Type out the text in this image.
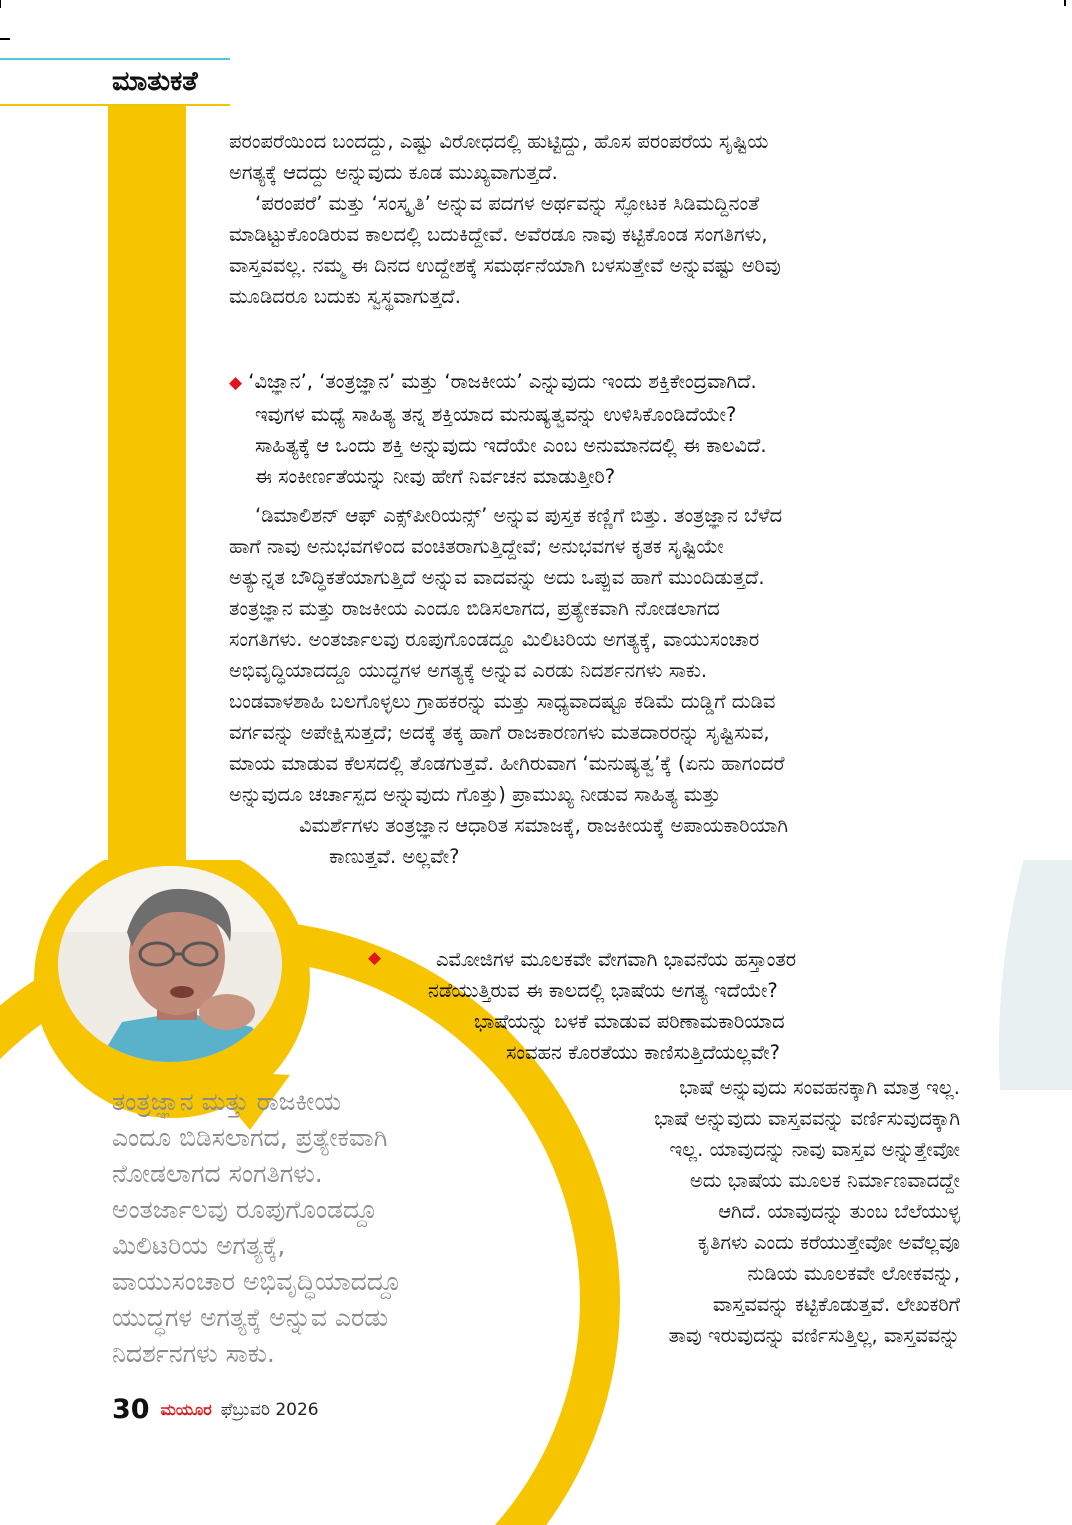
ಮಾತುಕತೆ
ಪರಂಪರೆಯಿಂದ ಬಂದದ್ದು, ಎಷ್ಟು ವಿರೋಧದಲ್ಲಿ ಹುಟ್ಟಿದ್ದು, ಹೊಸ ಪರಂಪರೆಯ ಸೃಷ್ಟಿಯ
ಅಗತ್ಯಕ್ಕೆ ಆದದ್ದು ಅನ್ನುವುದು ಕೂಡ ಮುಖ್ಯವಾಗುತ್ತದೆ.
‘ಪರಂಪರೆ’ ಮತ್ತು ‘ಸಂಸ್ಕೃತಿ’ ಅನ್ನುವ ಪದಗಳ ಅರ್ಥವನ್ನು ಸ್ಫೋಟಕ ಸಿಡಿಮದ್ದಿನಂತೆ
ಮಾಡಿಟ್ಟುಕೊಂಡಿರುವ ಕಾಲದಲ್ಲಿ ಬದುಕಿದ್ದೇವೆ. ಅವೆರಡೂ ನಾವು ಕಟ್ಟಿಕೊಂಡ ಸಂಗತಿಗಳು,
ವಾಸ್ತವವಲ್ಲ. ನಮ್ಮ ಈ ದಿನದ ಉದ್ದೇಶಕ್ಕೆ ಸಮರ್ಥನೆಯಾಗಿ ಬಳಸುತ್ತೇವೆ ಅನ್ನುವಷ್ಟು ಅರಿವು
ಮೂಡಿದರೂ ಬದುಕು ಸ್ವಸ್ಥವಾಗುತ್ತದೆ.
◆ ‘ವಿಜ್ಞಾನ’, ‘ತಂತ್ರಜ್ಞಾನ’ ಮತ್ತು ‘ರಾಜಕೀಯ’ ಎನ್ನುವುದು ಇಂದು ಶಕ್ತಿಕೇಂದ್ರವಾಗಿದೆ.
ಇವುಗಳ ಮಧ್ಯೆ ಸಾಹಿತ್ಯ ತನ್ನ ಶಕ್ತಿಯಾದ ಮನುಷ್ಯತ್ವವನ್ನು ಉಳಿಸಿಕೊಂಡಿದೆಯೇ?
ಸಾಹಿತ್ಯಕ್ಕೆ ಆ ಒಂದು ಶಕ್ತಿ ಅನ್ನುವುದು ಇದೆಯೇ ಎಂಬ ಅನುಮಾನದಲ್ಲಿ ಈ ಕಾಲವಿದೆ.
ಈ ಸಂಕೀರ್ಣತೆಯನ್ನು ನೀವು ಹೇಗೆ ನಿರ್ವಚನ ಮಾಡುತ್ತೀರಿ?
‘ಡಿಮಾಲಿಶನ್ ಆಫ್ ಎಕ್ಸ್‌ಪೀರಿಯನ್ಸ್’ ಅನ್ನುವ ಪುಸ್ತಕ ಕಣ್ಣಿಗೆ ಬಿತ್ತು. ತಂತ್ರಜ್ಞಾನ ಬೆಳೆದ
ಹಾಗೆ ನಾವು ಅನುಭವಗಳಿಂದ ವಂಚಿತರಾಗುತ್ತಿದ್ದೇವೆ; ಅನುಭವಗಳ ಕೃತಕ ಸೃಷ್ಟಿಯೇ
ಅತ್ಯುನ್ನತ ಬೌದ್ಧಿಕತೆಯಾಗುತ್ತಿದೆ ಅನ್ನುವ ವಾದವನ್ನು ಅದು ಒಪ್ಪುವ ಹಾಗೆ ಮುಂದಿಡುತ್ತದೆ.
ತಂತ್ರಜ್ಞಾನ ಮತ್ತು ರಾಜಕೀಯ ಎಂದೂ ಬಿಡಿಸಲಾಗದ, ಪ್ರತ್ಯೇಕವಾಗಿ ನೋಡಲಾಗದ
ಸಂಗತಿಗಳು. ಅಂತರ್ಜಾಲವು ರೂಪುಗೊಂಡದ್ದೂ ಮಿಲಿಟರಿಯ ಅಗತ್ಯಕ್ಕೆ, ವಾಯುಸಂಚಾರ
ಅಭಿವೃದ್ಧಿಯಾದದ್ದೂ ಯುದ್ಧಗಳ ಅಗತ್ಯಕ್ಕೆ ಅನ್ನುವ ಎರಡು ನಿದರ್ಶನಗಳು ಸಾಕು.
ಬಂಡವಾಳಶಾಹಿ ಬಲಗೊಳ್ಳಲು ಗ್ರಾಹಕರನ್ನು ಮತ್ತು ಸಾಧ್ಯವಾದಷ್ಟೂ ಕಡಿಮೆ ದುಡ್ಡಿಗೆ ದುಡಿವ
ವರ್ಗವನ್ನು ಅಪೇಕ್ಷಿಸುತ್ತದೆ; ಅದಕ್ಕೆ ತಕ್ಕ ಹಾಗೆ ರಾಜಕಾರಣಗಳು ಮತದಾರರನ್ನು ಸೃಷ್ಟಿಸುವ,
ಮಾಯ ಮಾಡುವ ಕೆಲಸದಲ್ಲಿ ತೊಡಗುತ್ತವೆ. ಹೀಗಿರುವಾಗ ‘ಮನುಷ್ಯತ್ವ’ಕ್ಕೆ (ಏನು ಹಾಗಂದರೆ
ಅನ್ನುವುದೂ ಚರ್ಚಾಸ್ಪದ ಅನ್ನುವುದು ಗೊತ್ತು) ಪ್ರಾಮುಖ್ಯ ನೀಡುವ ಸಾಹಿತ್ಯ ಮತ್ತು
ವಿಮರ್ಶೆಗಳು ತಂತ್ರಜ್ಞಾನ ಆಧಾರಿತ ಸಮಾಜಕ್ಕೆ, ರಾಜಕೀಯಕ್ಕೆ ಅಪಾಯಕಾರಿಯಾಗಿ
ಕಾಣುತ್ತವೆ. ಅಲ್ಲವೇ?
◆	ಎಮೋಜಿಗಳ ಮೂಲಕವೇ ವೇಗವಾಗಿ ಭಾವನೆಯ ಹಸ್ತಾಂತರ
ನಡೆಯುತ್ತಿರುವ ಈ ಕಾಲದಲ್ಲಿ ಭಾಷೆಯ ಅಗತ್ಯ ಇದೆಯೇ?
ಭಾಷೆಯನ್ನು ಬಳಕೆ ಮಾಡುವ ಪರಿಣಾಮಕಾರಿಯಾದ
ಸಂವಹನ ಕೊರತೆಯು ಕಾಣಿಸುತ್ತಿದೆಯಲ್ಲವೇ?
ಭಾಷೆ ಅನ್ನುವುದು ಸಂವಹನಕ್ಕಾಗಿ ಮಾತ್ರ ಇಲ್ಲ.
ಭಾಷೆ ಅನ್ನುವುದು ವಾಸ್ತವವನ್ನು ವರ್ಣಿಸುವುದಕ್ಕಾಗಿ
ಇಲ್ಲ. ಯಾವುದನ್ನು ನಾವು ವಾಸ್ತವ ಅನ್ನುತ್ತೇವೋ
ಅದು ಭಾಷೆಯ ಮೂಲಕ ನಿರ್ಮಾಣವಾದದ್ದೇ
ಆಗಿದೆ. ಯಾವುದನ್ನು ತುಂಬ ಬೆಲೆಯುಳ್ಳ
ಕೃತಿಗಳು ಎಂದು ಕರೆಯುತ್ತೇವೋ ಅವೆಲ್ಲವೂ
ನುಡಿಯ ಮೂಲಕವೇ ಲೋಕವನ್ನು,
ವಾಸ್ತವವನ್ನು ಕಟ್ಟಿಕೊಡುತ್ತವೆ. ಲೇಖಕರಿಗೆ
ತಾವು ಇರುವುದನ್ನು ವರ್ಣಿಸುತ್ತಿಲ್ಲ, ವಾಸ್ತವವನ್ನು
ತಂತ್ರಜ್ಞಾನ ಮತ್ತು ರಾಜಕೀಯ
ಎಂದೂ ಬಿಡಿಸಲಾಗದ, ಪ್ರತ್ಯೇಕವಾಗಿ
ನೋಡಲಾಗದ ಸಂಗತಿಗಳು.
ಅಂತರ್ಜಾಲವು ರೂಪುಗೊಂಡದ್ದೂ
ಮಿಲಿಟರಿಯ ಅಗತ್ಯಕ್ಕೆ,
ವಾಯುಸಂಚಾರ ಅಭಿವೃದ್ಧಿಯಾದದ್ದೂ
ಯುದ್ಧಗಳ ಅಗತ್ಯಕ್ಕೆ ಅನ್ನುವ ಎರಡು
ನಿದರ್ಶನಗಳು ಸಾಕು.
30 ಮಯೂರ ಫೆಬ್ರುವರಿ 2026
